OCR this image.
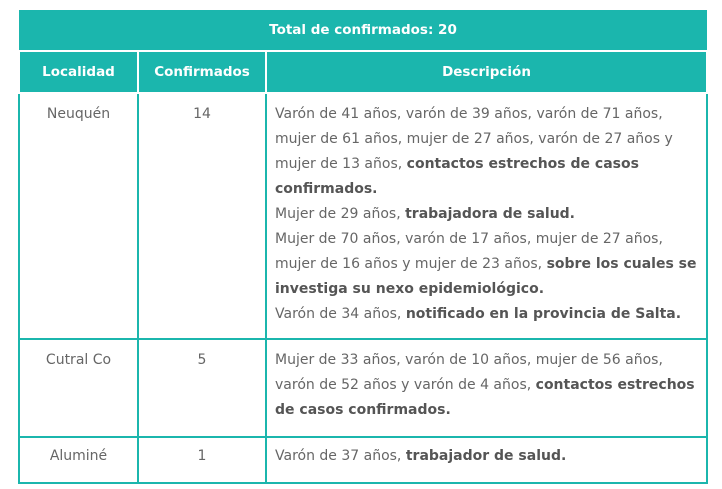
Total de confirmados: 20		
Localidad	Confirmados	Descripción
Neuquén	14	Varón de 41 años, varón de 39 años, varón de 71 años, mujer de 61 años, mujer de 27 años, varón de 27 años y mujer de 13 años, contactos estrechos de casos confirmados.
Mujer de 29 años, trabajadora de salud.
Mujer de 70 años, varón de 17 años, mujer de 27 años, mujer de 16 años y mujer de 23 años, sobre los cuales se investiga su nexo epidemiológico.
Varón de 34 años, notificado en la provincia de Salta.

Cutral Co	5	Mujer de 33 años, varón de 10 años, mujer de 56 años, varón de 52 años y varón de 4 años, contactos estrechos de casos confirmados.

Aluminé	1	Varón de 37 años, trabajador de salud.
